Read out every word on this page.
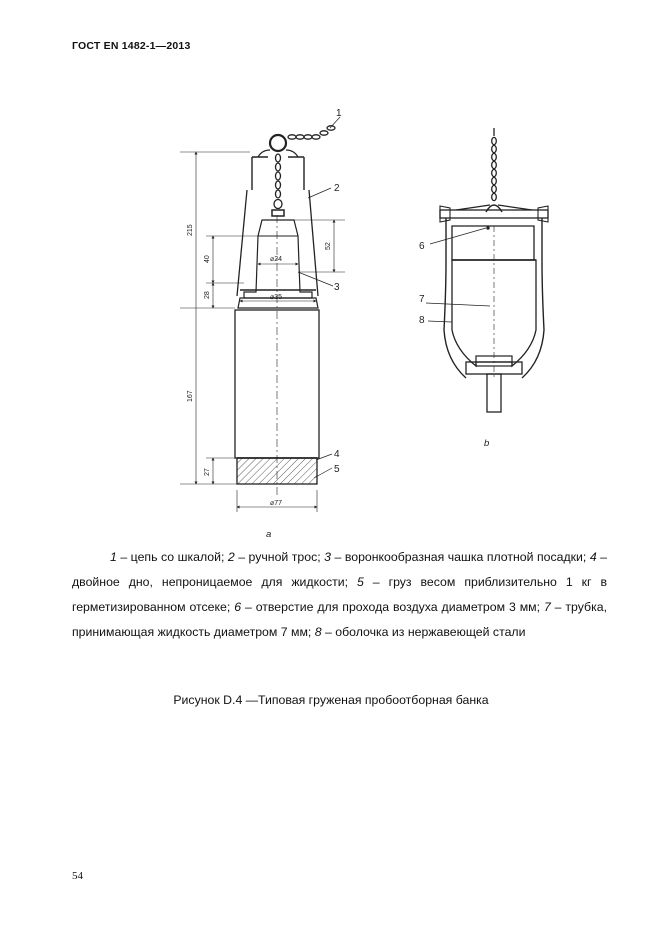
ГОСТ EN 1482-1—2013
1
2
3
4
5
215
40
28
52
167
27
⌀24
⌀35
⌀77
a
6
7
8
b

1 – цепь со шкалой; 2 – ручной трос; 3 – воронкообразная чашка плотной посадки; 4 – двойное дно, непроницаемое для жидкости; 5 – груз весом приблизительно 1 кг в герметизированном отсеке; 6 – отверстие для прохода воздуха диаметром 3 мм; 7 – трубка, принимающая жидкость диаметром 7 мм; 8 – оболочка из нержавеющей стали

Рисунок D.4 —Типовая груженая пробоотборная банка
54
